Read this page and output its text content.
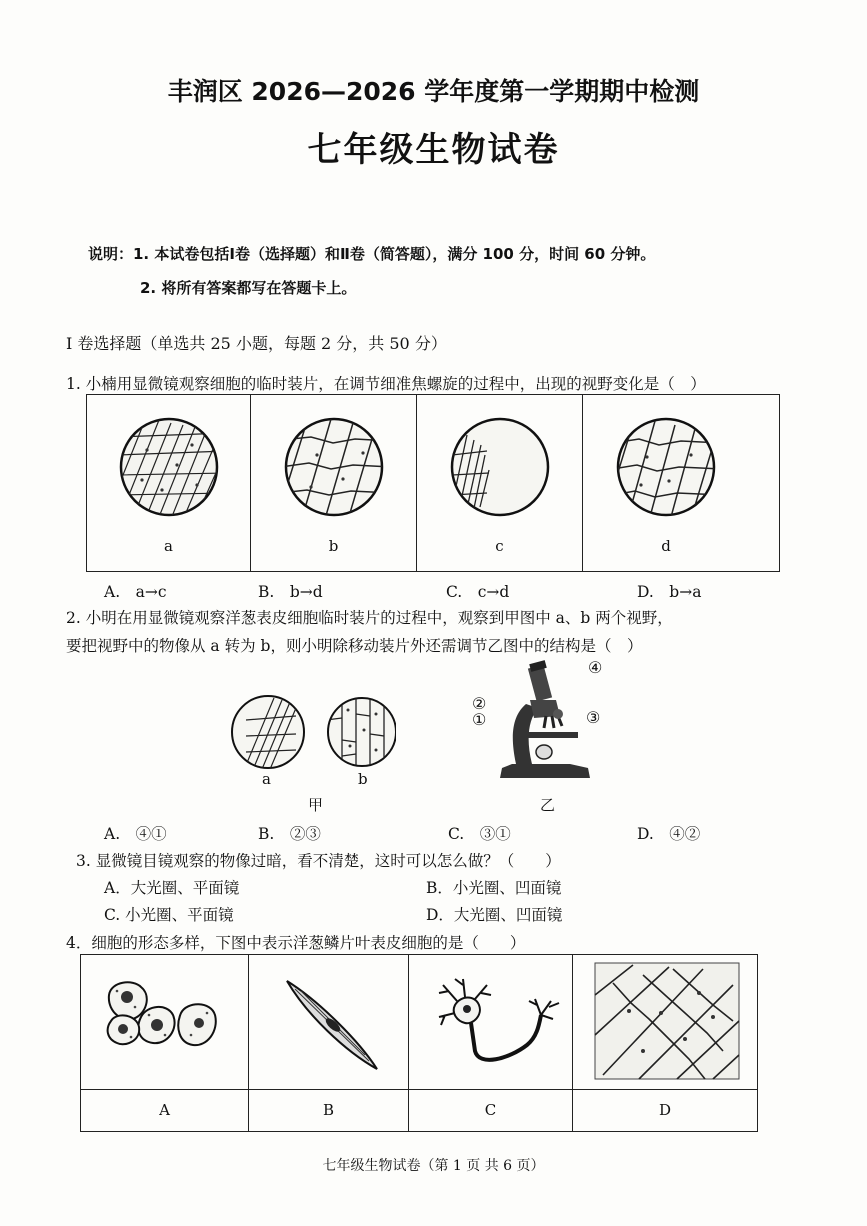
丰润区 2026—2026 学年度第一学期期中检测
七年级生物试卷
说明：1. 本试卷包括Ⅰ卷（选择题）和Ⅱ卷（简答题），满分 100 分，时间 60 分钟。
2. 将所有答案都写在答题卡上。
Ⅰ 卷选择题（单选共 25 小题，每题 2 分，共 50 分）
1. 小楠用显微镜观察细胞的临时装片，在调节细准焦螺旋的过程中，出现的视野变化是（　）
a	b	c	d
A.　a→c	B.　b→d	C.　c→d	D.　b→a
2. 小明在用显微镜观察洋葱表皮细胞临时装片的过程中，观察到甲图中 a、b 两个视野，
要把视野中的物像从 a 转为 b，则小明除移动装片外还需调节乙图中的结构是（　）
a	b
甲
④
②
①	③
乙
A.　④①	B.　②③	C.　③①	D.　④②
3. 显微镜目镜观察的物像过暗，看不清楚，这时可以怎么做？（　　）
A．大光圈、平面镜	B．小光圈、凹面镜
C. 小光圈、平面镜	D．大光圈、凹面镜
4．细胞的形态多样，下图中表示洋葱鳞片叶表皮细胞的是（　　）
A	B	C	D
七年级生物试卷（第 1 页 共 6 页）
